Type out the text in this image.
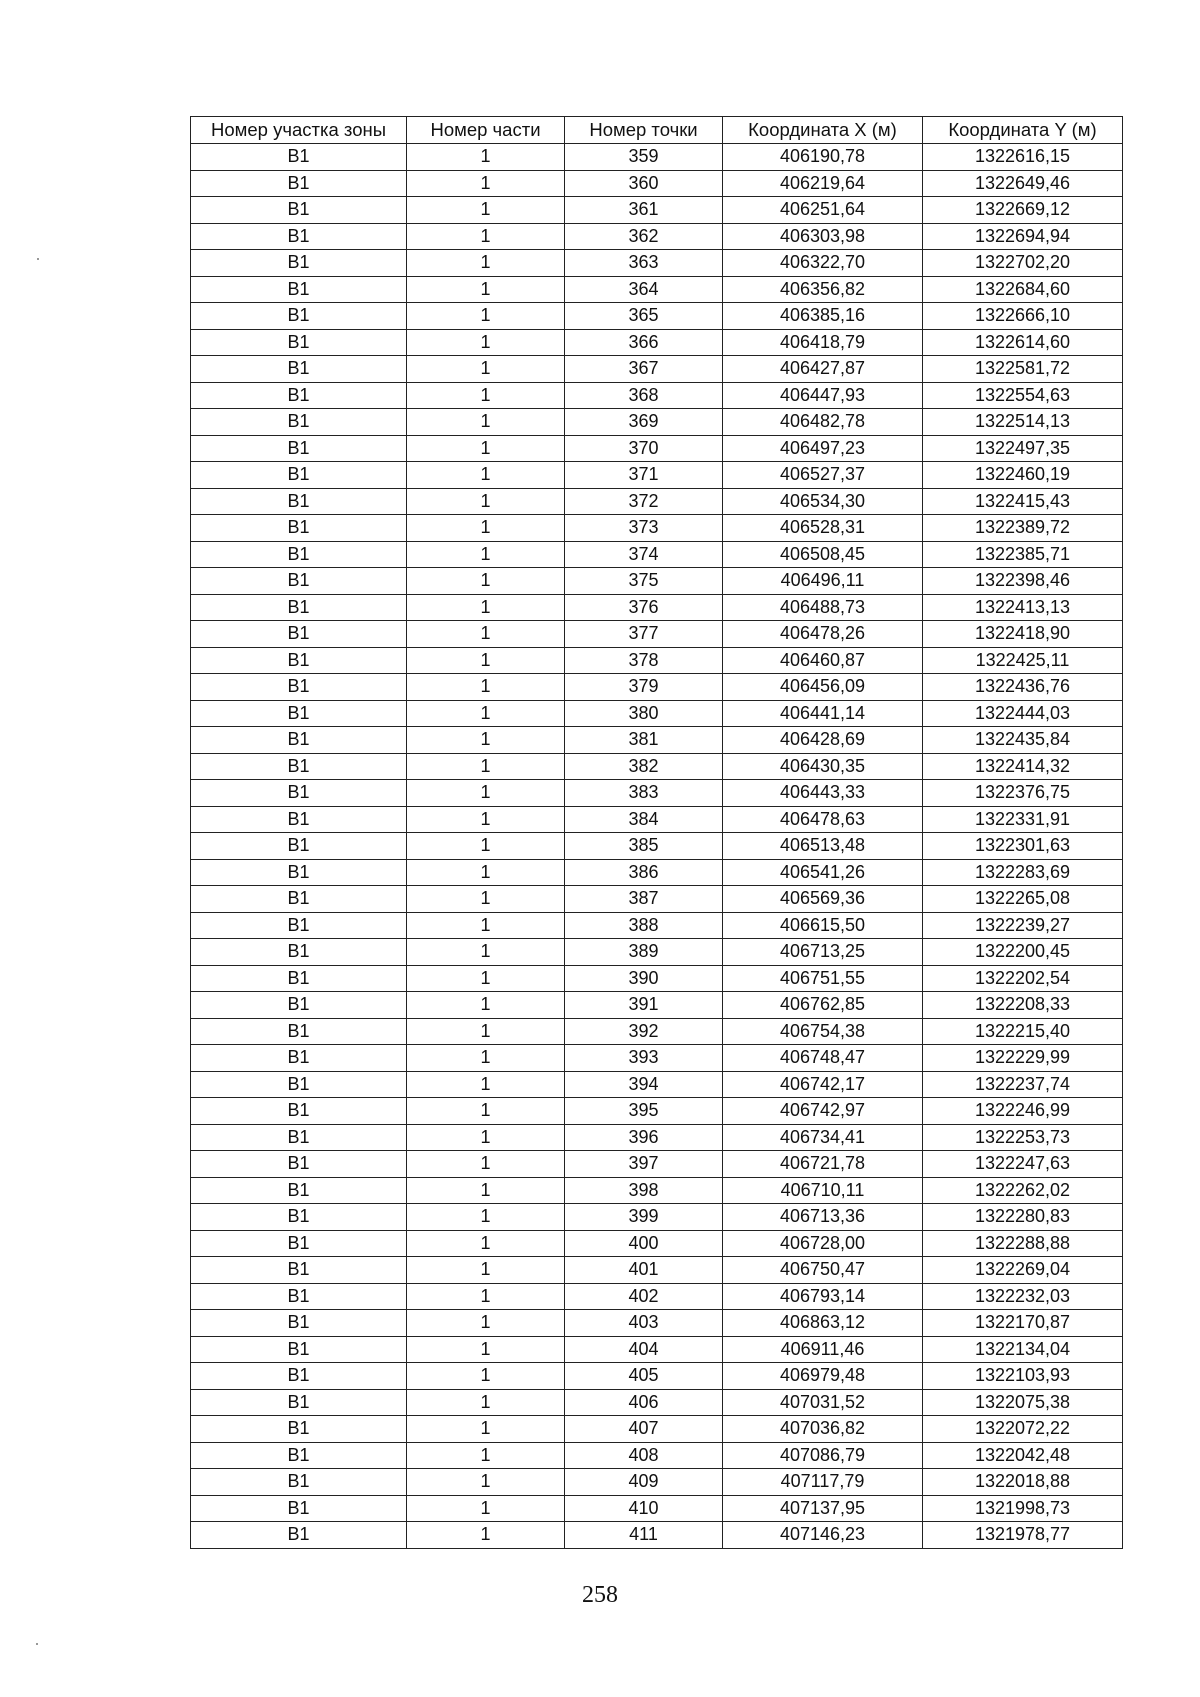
Номер участка зоны	Номер части	Номер точки	Координата X (м)	Координата Y (м)
В1	1	359	406190,78	1322616,15
В1	1	360	406219,64	1322649,46
В1	1	361	406251,64	1322669,12
В1	1	362	406303,98	1322694,94
В1	1	363	406322,70	1322702,20
В1	1	364	406356,82	1322684,60
В1	1	365	406385,16	1322666,10
В1	1	366	406418,79	1322614,60
В1	1	367	406427,87	1322581,72
В1	1	368	406447,93	1322554,63
В1	1	369	406482,78	1322514,13
В1	1	370	406497,23	1322497,35
В1	1	371	406527,37	1322460,19
В1	1	372	406534,30	1322415,43
В1	1	373	406528,31	1322389,72
В1	1	374	406508,45	1322385,71
В1	1	375	406496,11	1322398,46
В1	1	376	406488,73	1322413,13
В1	1	377	406478,26	1322418,90
В1	1	378	406460,87	1322425,11
В1	1	379	406456,09	1322436,76
В1	1	380	406441,14	1322444,03
В1	1	381	406428,69	1322435,84
В1	1	382	406430,35	1322414,32
В1	1	383	406443,33	1322376,75
В1	1	384	406478,63	1322331,91
В1	1	385	406513,48	1322301,63
В1	1	386	406541,26	1322283,69
В1	1	387	406569,36	1322265,08
В1	1	388	406615,50	1322239,27
В1	1	389	406713,25	1322200,45
В1	1	390	406751,55	1322202,54
В1	1	391	406762,85	1322208,33
В1	1	392	406754,38	1322215,40
В1	1	393	406748,47	1322229,99
В1	1	394	406742,17	1322237,74
В1	1	395	406742,97	1322246,99
В1	1	396	406734,41	1322253,73
В1	1	397	406721,78	1322247,63
В1	1	398	406710,11	1322262,02
В1	1	399	406713,36	1322280,83
В1	1	400	406728,00	1322288,88
В1	1	401	406750,47	1322269,04
В1	1	402	406793,14	1322232,03
В1	1	403	406863,12	1322170,87
В1	1	404	406911,46	1322134,04
В1	1	405	406979,48	1322103,93
В1	1	406	407031,52	1322075,38
В1	1	407	407036,82	1322072,22
В1	1	408	407086,79	1322042,48
В1	1	409	407117,79	1322018,88
В1	1	410	407137,95	1321998,73
В1	1	411	407146,23	1321978,77
258
